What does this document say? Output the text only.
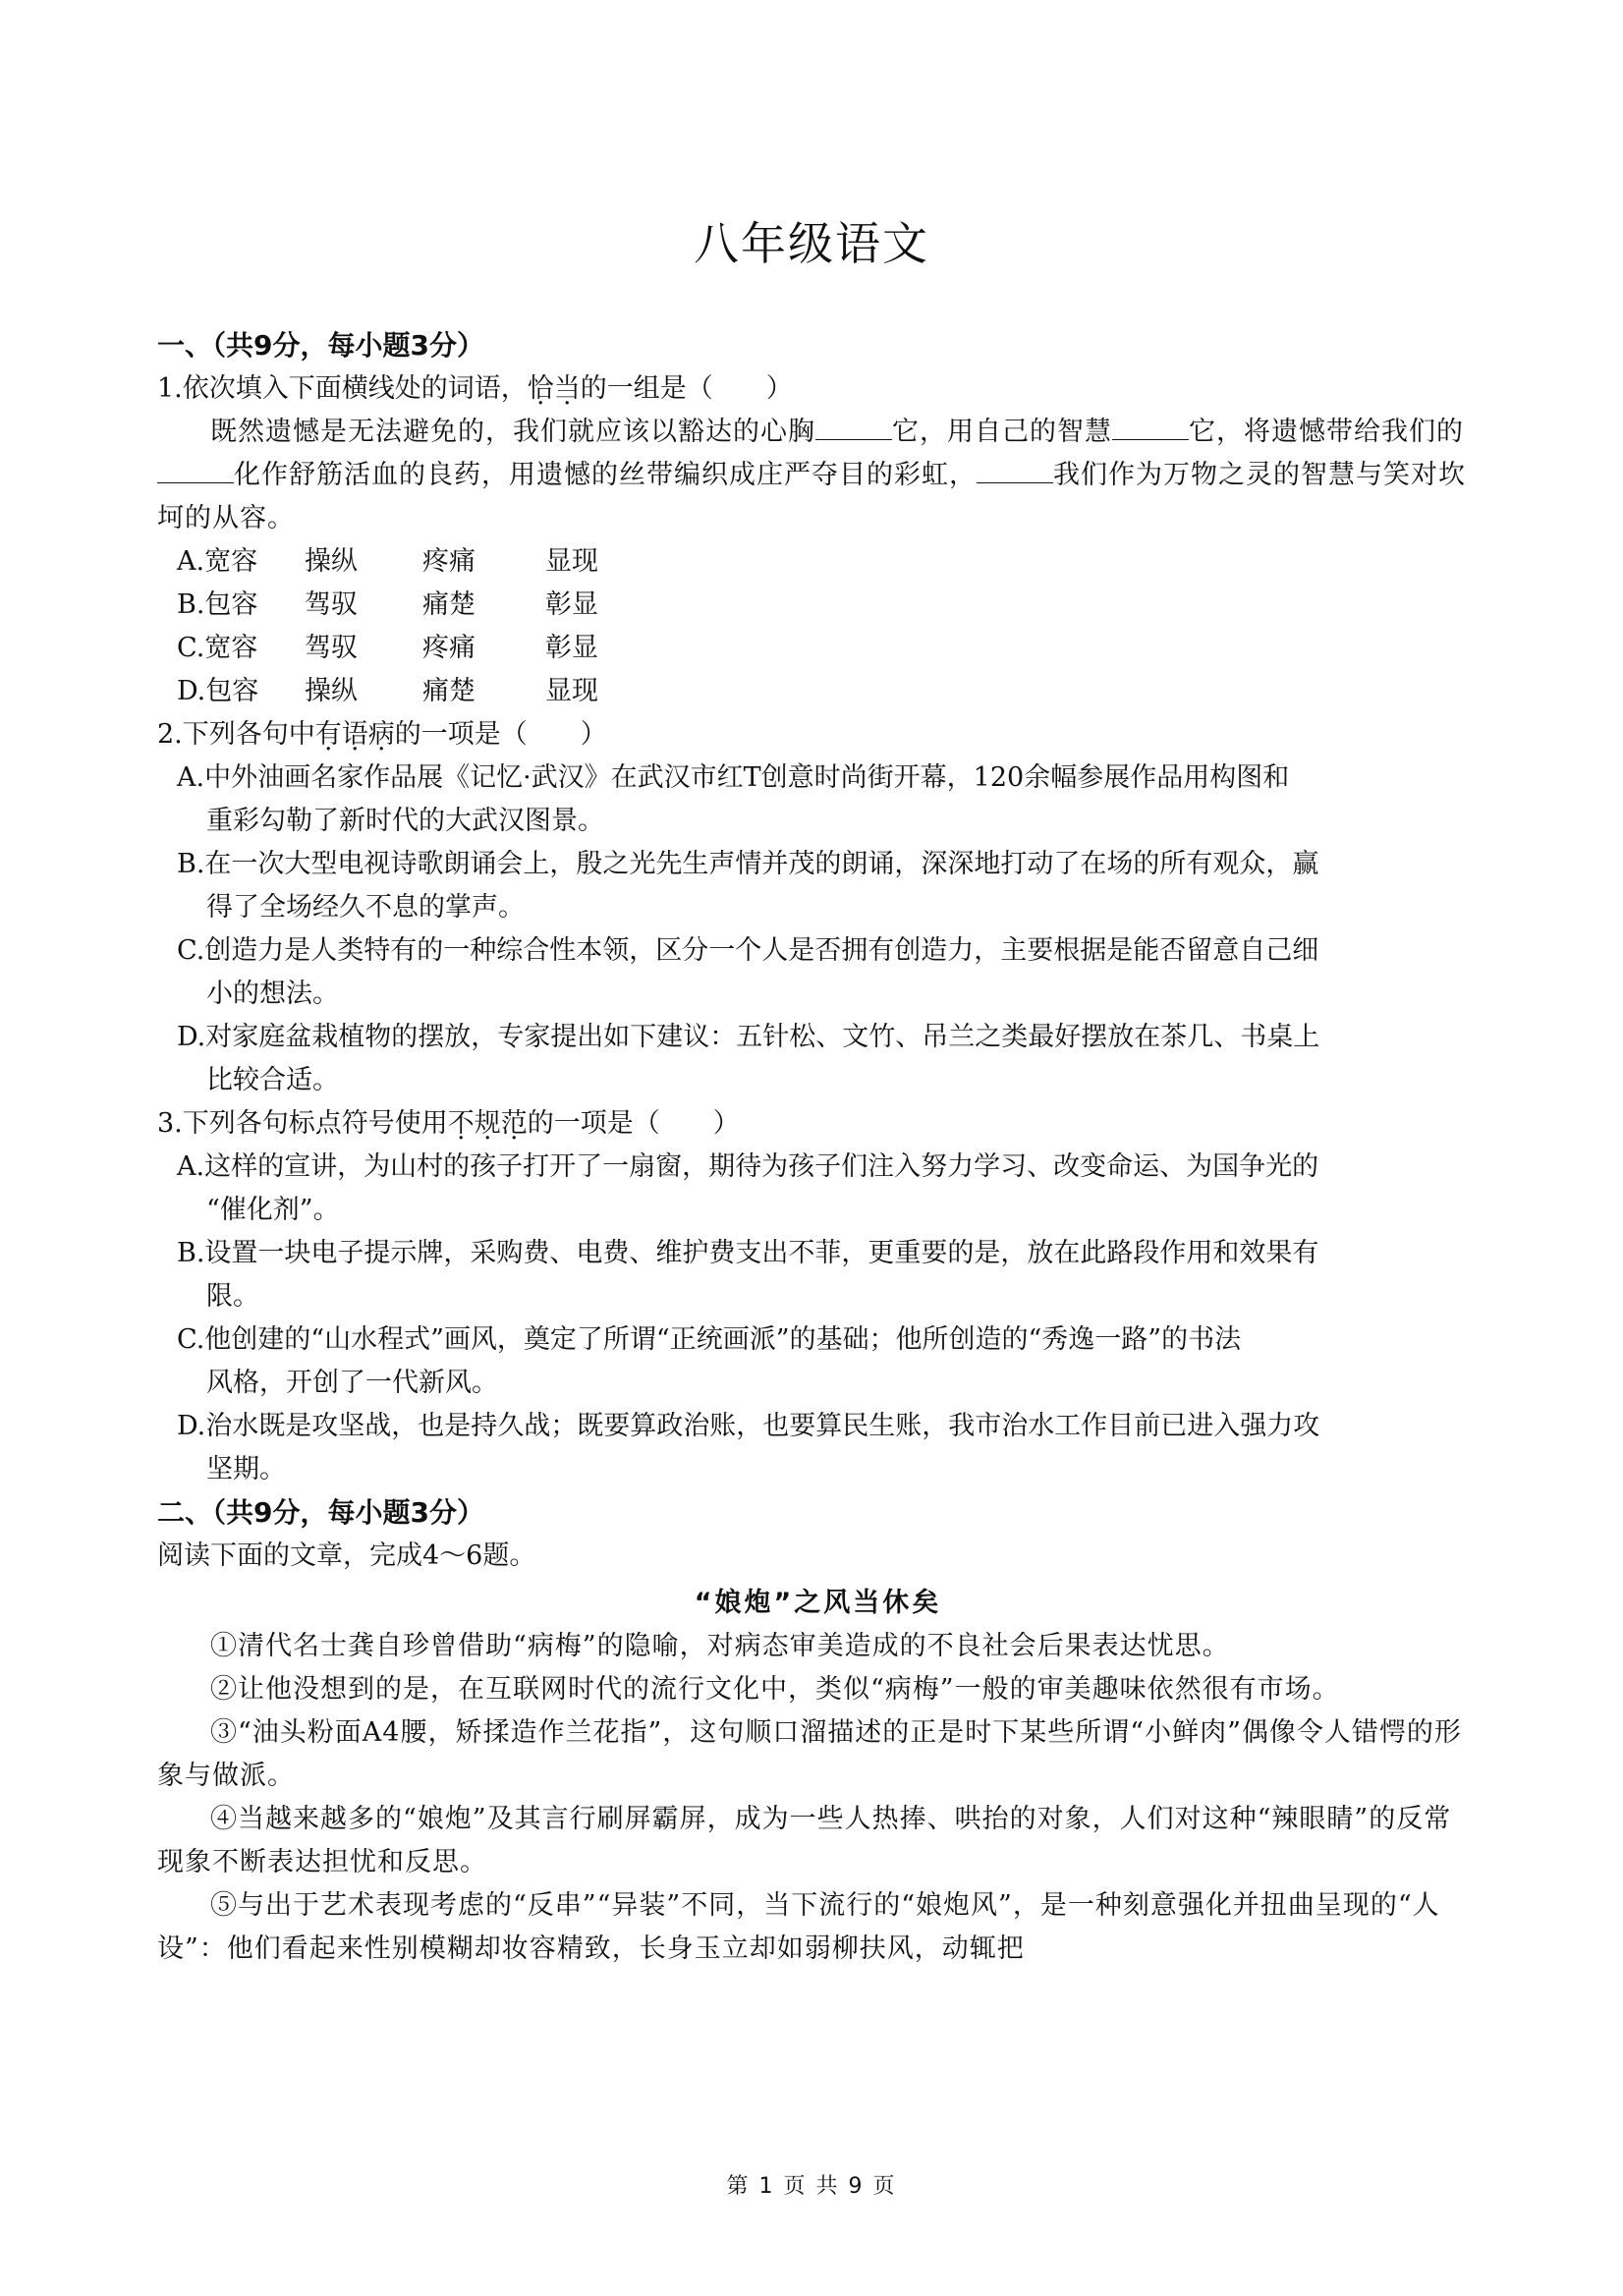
八年级语文
一、（共9分，每小题3分）
1.依次填入下面横线处的词语，恰当的一组是（　　）
既然遗憾是无法避免的，我们就应该以豁达的心胸	它，用自己的智慧	它，将遗憾带给我们的化作舒筋活血的良药，用遗憾的丝带编织成庄严夺目的彩虹，	我们作为万物之灵的智慧与笑对坎坷的从容。
A.宽容	操纵	疼痛	显现
B.包容	驾驭	痛楚	彰显
C.宽容	驾驭	疼痛	彰显
D.包容	操纵	痛楚	显现
2.下列各句中有语病的一项是（　　）
A.中外油画名家作品展《记忆·武汉》在武汉市红T创意时尚街开幕，120余幅参展作品用构图和
重彩勾勒了新时代的大武汉图景。
B.在一次大型电视诗歌朗诵会上，殷之光先生声情并茂的朗诵，深深地打动了在场的所有观众，赢
得了全场经久不息的掌声。
C.创造力是人类特有的一种综合性本领，区分一个人是否拥有创造力，主要根据是能否留意自己细
小的想法。
D.对家庭盆栽植物的摆放，专家提出如下建议：五针松、文竹、吊兰之类最好摆放在茶几、书桌上
比较合适。
3.下列各句标点符号使用不规范的一项是（　　）
A.这样的宣讲，为山村的孩子打开了一扇窗，期待为孩子们注入努力学习、改变命运、为国争光的
“催化剂”。
B.设置一块电子提示牌，采购费、电费、维护费支出不菲，更重要的是，放在此路段作用和效果有
限。
C.他创建的“山水程式”画风，奠定了所谓“正统画派”的基础；他所创造的“秀逸一路”的书法
风格，开创了一代新风。
D.治水既是攻坚战，也是持久战；既要算政治账，也要算民生账，我市治水工作目前已进入强力攻
坚期。
二、（共9分，每小题3分）
阅读下面的文章，完成4～6题。
“娘炮”之风当休矣
①清代名士龚自珍曾借助“病梅”的隐喻，对病态审美造成的不良社会后果表达忧思。
②让他没想到的是，在互联网时代的流行文化中，类似“病梅”一般的审美趣味依然很有市场。
③“油头粉面A4腰，矫揉造作兰花指”，这句顺口溜描述的正是时下某些所谓“小鲜肉”偶像令人错愕的形象与做派。
④当越来越多的“娘炮”及其言行刷屏霸屏，成为一些人热捧、哄抬的对象，人们对这种“辣眼睛”的反常现象不断表达担忧和反思。
⑤与出于艺术表现考虑的“反串”“异装”不同，当下流行的“娘炮风”，是一种刻意强化并扭曲呈现的“人设”：他们看起来性别模糊却妆容精致，长身玉立却如弱柳扶风，动辄把
第 1 页 共 9 页
